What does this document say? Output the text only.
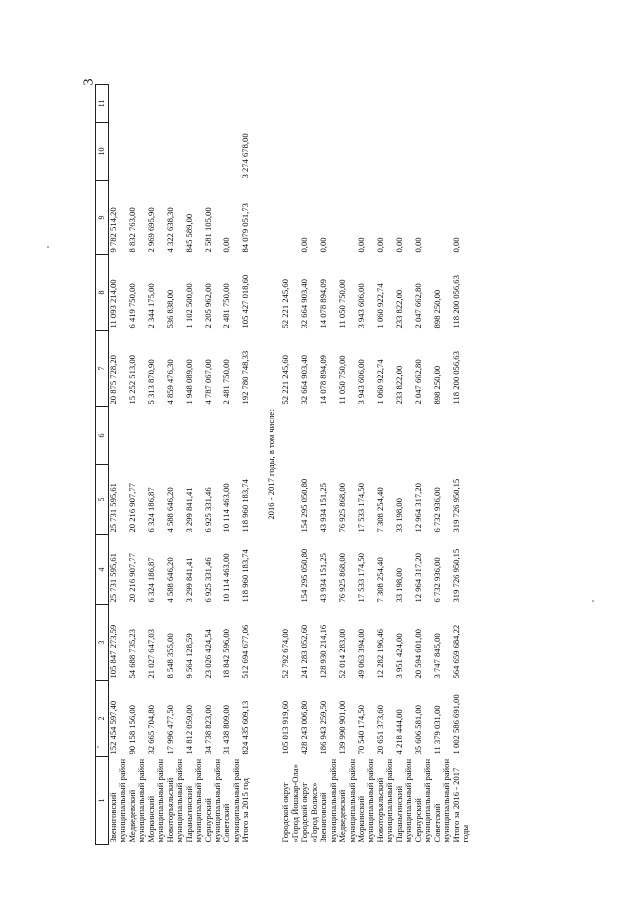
3
1	2	3	4	5	6	7	8	9	10	11
Звениговский муниципальный район	152 454 597,40	105 847 273,59	25 731 595,61	25 731 595,61		20 875 728,20	11 093 214,00	9 782 514,20		
Медведевский муниципальный район	90 158 156,00	54 688 735,23	20 216 907,77	20 216 907,77		15 252 513,00	6 419 750,00	8 832 763,00		
Моркинский муниципальный район	32 665 704,80	21 027 647,03	6 324 186,87	6 324 186,87		5 313 870,90	2 344 175,00	2 969 695,90		
Новоторъяльский муниципальный район	17 996 477,50	8 548 355,00	4 588 646,20	4 588 646,20		4 859 476,30	536 838,00	4 322 638,30		
Параньгинский муниципальный район	14 812 059,00	9 564 128,59	3 299 841,41	3 299 841,41		1 948 089,00	1 102 500,00	845 589,00		
Сернурский муниципальный район	34 738 823,00	23 026 424,54	6 925 331,46	6 925 331,46		4 787 067,00	2 205 962,00	2 581 105,00		
Советский муниципальный район	31 438 809,00	18 842 596,00	10 114 463,00	10 114 463,00		2 481 750,00	2 481 750,00	0,00		
Итого за 2015 год	824 435 609,13	512 694 677,06	118 960 183,74	118 960 183,74		192 780 748,33	105 427 018,60	84 079 051,73	3 274 678,00	

2016 - 2017 годы, в том числе:										
Городской округ «Город Йошкар-Ола»	105 013 919,60	52 792 674,00				52 221 245,60	52 221 245,60			
Городской округ «Город Волжск»	428 243 006,80	241 283 052,60	154 295 050,80	154 295 050,80		32 664 903,40	32 664 903,40	0,00		
Звениговский муниципальный район	186 943 259,50	128 930 214,16	43 934 151,25	43 934 151,25		14 078 894,09	14 078 894,09	0,00		
Медведевский муниципальный район	139 990 901,00	52 014 283,00	76 925 868,00	76 925 868,00		11 050 750,00	11 050 750,00			
Моркинский муниципальный район	70 540 174,50	49 063 394,00	17 533 174,50	17 533 174,50		3 943 606,00	3 943 606,00	0,00		
Новоторъяльский муниципальный район	20 651 373,60	12 282 196,46	7 308 254,40	7 308 254,40		1 060 922,74	1 060 922,74	0,00		
Параньгинский муниципальный район	4 218 444,00	3 951 424,00	33 198,00	33 198,00		233 822,00	233 822,00	0,00		
Сернурский муниципальный район	35 606 581,00	20 594 601,00	12 964 317,20	12 964 317,20		2 047 662,80	2 047 662,80	0,00		
Советский муниципальный район	11 379 031,00	3 747 845,00	6 732 936,00	6 732 936,00		898 250,00	898 250,00			
Итого за 2016 - 2017 годы	1 002 586 691,00	564 659 684,22	319 726 950,15	319 726 950,15		118 200 056,63	118 200 056,63	0,00		
